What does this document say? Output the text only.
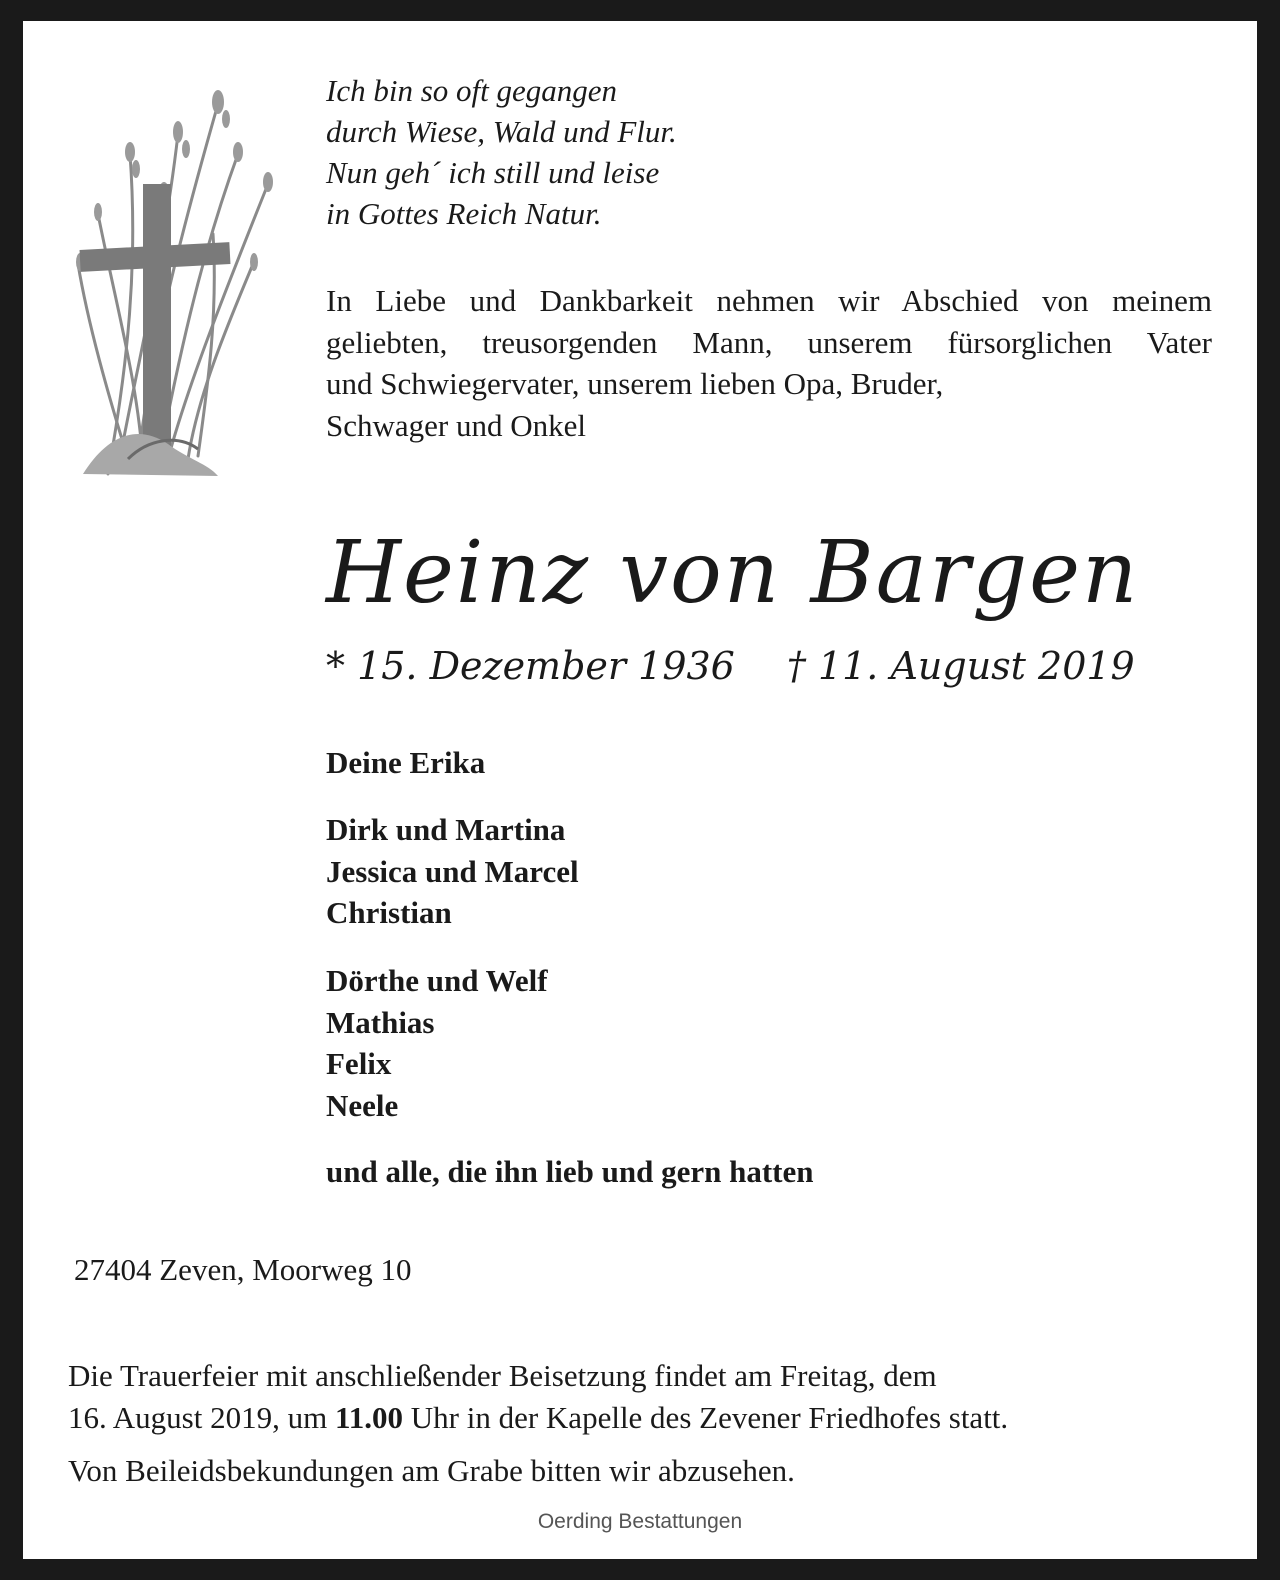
Ich bin so oft gegangen
durch Wiese, Wald und Flur.
Nun geh´ ich still und leise
in Gottes Reich Natur.
In Liebe und Dankbarkeit nehmen wir Abschied von meinem
geliebten, treusorgenden Mann, unserem fürsorglichen Vater
und Schwiegervater, unserem lieben Opa, Bruder,
Schwager und Onkel
Heinz von Bargen
* 15. Dezember 1936 † 11. August 2019
Deine Erika
Dirk und Martina
Jessica und Marcel
Christian
Dörthe und Welf
Mathias
Felix
Neele
und alle, die ihn lieb und gern hatten
27404 Zeven, Moorweg 10
Die Trauerfeier mit anschließender Beisetzung findet am Freitag, dem
16. August 2019, um 11.00 Uhr in der Kapelle des Zevener Friedhofes statt.
Von Beileidsbekundungen am Grabe bitten wir abzusehen.
Oerding Bestattungen
